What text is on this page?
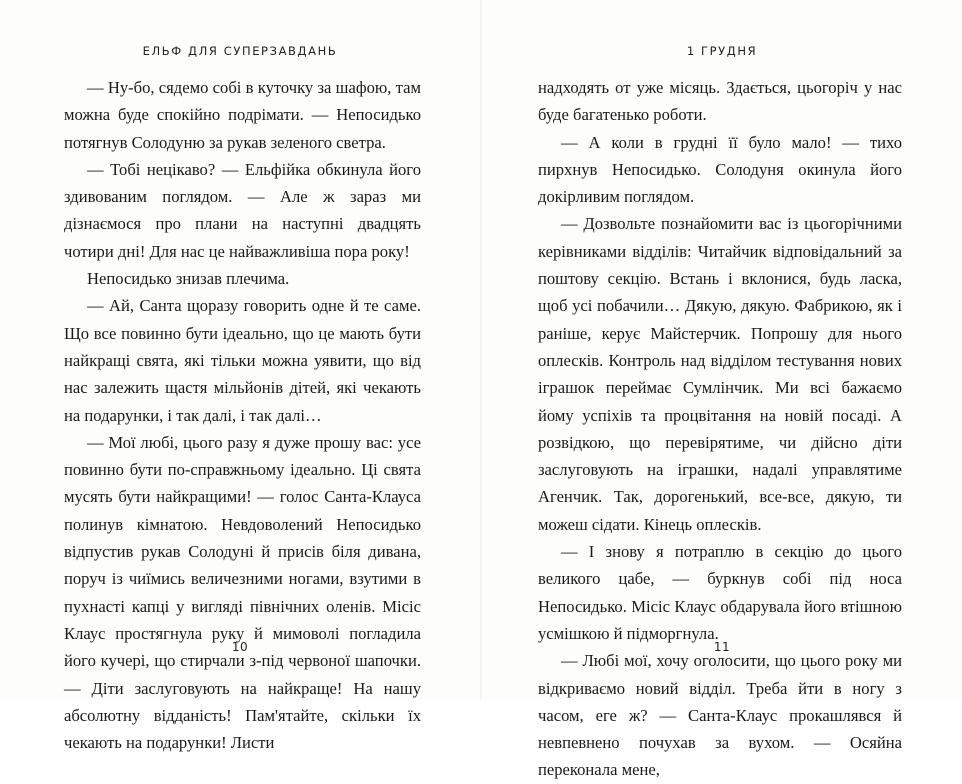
ЕЛЬФ ДЛЯ СУПЕРЗАВДАНЬ

— Ну-бо, сядемо собі в куточку за шафою, там можна буде спокійно подрімати. — Непосидько потягнув Солодуню за рукав зеленого светра.

— Тобі нецікаво? — Ельфійка обкинула його здивованим поглядом. — Але ж зараз ми дізнаємося про плани на наступні двадцять чотири дні! Для нас це найважливіша пора року!

Непосидько знизав плечима.

— Ай, Санта щоразу говорить одне й те саме. Що все повинно бути ідеально, що це мають бути найкращі свята, які тільки можна уявити, що від нас залежить щастя мільйонів дітей, які чекають на подарунки, і так далі, і так далі…

— Мої любі, цього разу я дуже прошу вас: усе повинно бути по-справжньому ідеально. Ці свята мусять бути найкращими! — голос Санта-Клауса полинув кімнатою. Невдоволений Непосидько відпустив рукав Солодуні й присів біля дивана, поруч із чиїмись величезними ногами, взутими в пухнасті капці у вигляді північних оленів. Місіс Клаус простягнула руку й мимоволі погладила його кучері, що стирчали з-під червоної шапочки. — Діти заслуговують на найкраще! На нашу абсолютну відданість! Пам'ятайте, скільки їх чекають на подарунки! Листи

10
1 ГРУДНЯ

надходять от уже місяць. Здається, цьогоріч у нас буде багатенько роботи.

— А коли в грудні її було мало! — тихо пирхнув Непосидько. Солодуня окинула його докірливим поглядом.

— Дозвольте познайомити вас із цьогорічними керівниками відділів: Читайчик відповідальний за поштову секцію. Встань і вклонися, будь ласка, щоб усі побачили… Дякую, дякую. Фабрикою, як і раніше, керує Майстерчик. Попрошу для нього оплесків. Контроль над відділом тестування нових іграшок переймає Сумлінчик. Ми всі бажаємо йому успіхів та процвітання на новій посаді. А розвідкою, що перевірятиме, чи дійсно діти заслуговують на іграшки, надалі управлятиме Агенчик. Так, дорогенький, все-все, дякую, ти можеш сідати. Кінець оплесків.

— І знову я потраплю в секцію до цього великого цабе, — буркнув собі під носа Непосидько. Місіс Клаус обдарувала його втішною усмішкою й підморгнула.

— Любі мої, хочу оголосити, що цього року ми відкриваємо новий відділ. Треба йти в ногу з часом, еге ж? — Санта-Клаус прокашлявся й невпевнено почухав за вухом. — Осяйна переконала мене,

11
